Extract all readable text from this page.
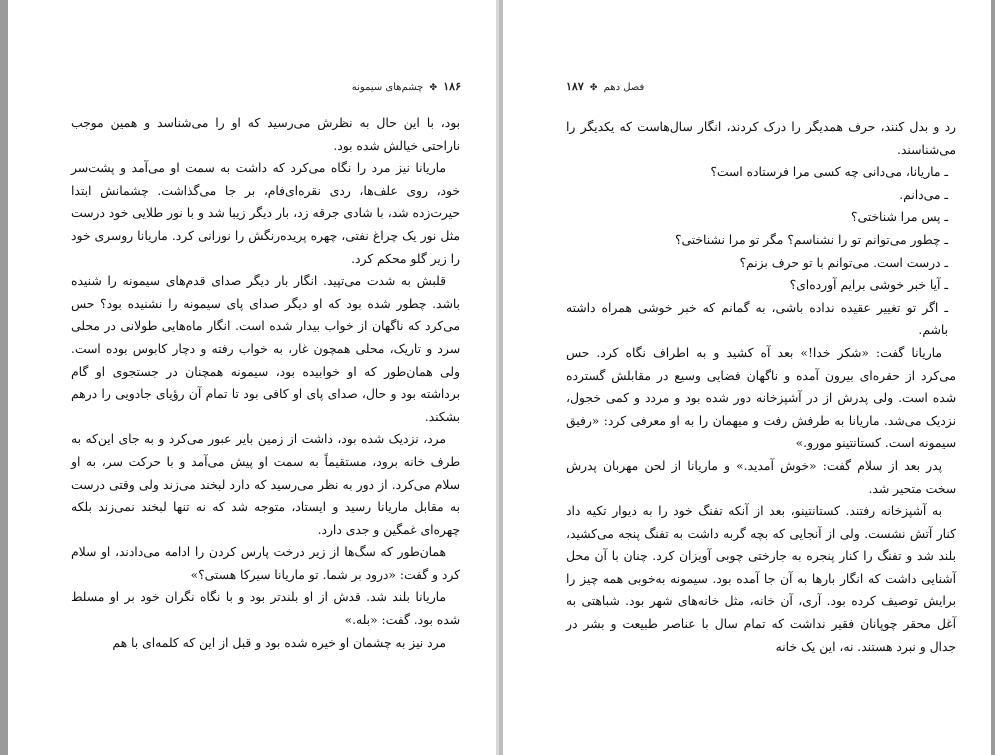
۱۸۶ ✤ چشم‌های سیمونه

بود، با این حال به نظرش می‌رسید که او را می‌شناسد و همین موجب ناراحتی خیالش شده بود.

ماریانا نیز مرد را نگاه می‌کرد که داشت به سمت او می‌آمد و پشت‌سر خود، روی علف‌ها، ردی نقره‌ای‌فام، بر جا می‌گذاشت. چشمانش ابتدا حیرت‌زده شد، با شادی جرقه زد، بار دیگر زیبا شد و با نور طلایی خود درست مثل نور یک چراغ نفتی، چهره پریده‌رنگش را نورانی کرد. ماریانا روسری خود را زیر گلو محکم کرد.

قلبش به شدت می‌تپید. انگار بار دیگر صدای قدم‌های سیمونه را شنیده باشد. چطور شده بود که او دیگر صدای پای سیمونه را نشنیده بود؟ حس می‌کرد که ناگهان از خواب بیدار شده است. انگار ماه‌هایی طولانی در محلی سرد و تاریک، محلی همچون غار، به خواب رفته و دچار کابوس بوده است. ولی همان‌طور که او خوابیده بود، سیمونه همچنان در جستجوی او گام برداشته بود و حال، صدای پای او کافی بود تا تمام آن رؤیای جادویی را درهم بشکند.

مرد، نزدیک شده بود، داشت از زمین بایر عبور می‌کرد و به جای این‌که به طرف خانه برود، مستقیماً به سمت او پیش می‌آمد و با حرکت سر، به او سلام می‌کرد. از دور به نظر می‌رسید که دارد لبخند می‌زند ولی وقتی درست به مقابل ماریانا رسید و ایستاد، متوجه شد که نه تنها لبخند نمی‌زند بلکه چهره‌ای غمگین و جدی دارد.

همان‌طور که سگ‌ها از زیر درخت پارس کردن را ادامه می‌دادند، او سلام کرد و گفت: «درود بر شما. تو ماریانا سیرکا هستی؟»

ماریانا بلند شد. قدش از او بلندتر بود و با نگاه نگران خود بر او مسلط شده بود. گفت: «بله.»

مرد نیز به چشمان او خیره شده بود و قبل از این که کلمه‌ای با هم

۱۸۷ ✤ فصل دهم

رد و بدل کنند، حرف همدیگر را درک کردند، انگار سال‌هاست که یکدیگر را می‌شناسند.

ـ ماریانا، می‌دانی چه کسی مرا فرستاده است؟

ـ می‌دانم.

ـ پس مرا شناختی؟

ـ چطور می‌توانم تو را نشناسم؟ مگر تو مرا نشناختی؟

ـ درست است. می‌توانم با تو حرف بزنم؟

ـ آیا خبر خوشی برایم آورده‌ای؟

ـ اگر تو تغییر عقیده نداده باشی، به گمانم که خبر خوشی همراه داشته باشم.

ماریانا گفت: «شکر خدا!» بعد آه کشید و به اطراف نگاه کرد. حس می‌کرد از حفره‌ای بیرون آمده و ناگهان فضایی وسیع در مقابلش گسترده شده است. ولی پدرش از در آشپزخانه دور شده بود و مردد و کمی خجول، نزدیک می‌شد. ماریانا به طرفش رفت و میهمان را به او معرفی کرد: «رفیق سیمونه است. کستانتینو مورو.»

پدر بعد از سلام گفت: «خوش آمدید.» و ماریانا از لحن مهربان پدرش سخت متحیر شد.

به آشپزخانه رفتند. کستانتینو، بعد از آنکه تفنگ خود را به دیوار تکیه داد کنار آتش نشست. ولی از آنجایی که بچه گربه داشت به تفنگ پنجه می‌کشید، بلند شد و تفنگ را کنار پنجره به جارختی چوبی آویزان کرد. چنان با آن محل آشنایی داشت که انگار بارها به آن جا آمده بود. سیمونه به‌خوبی همه چیز را برایش توصیف کرده بود. آری، آن خانه، مثل خانه‌های شهر بود. شباهتی به آغل محقر چوپانان فقیر نداشت که تمام سال با عناصر طبیعت و بشر در جدال و نبرد هستند. نه، این یک خانه
